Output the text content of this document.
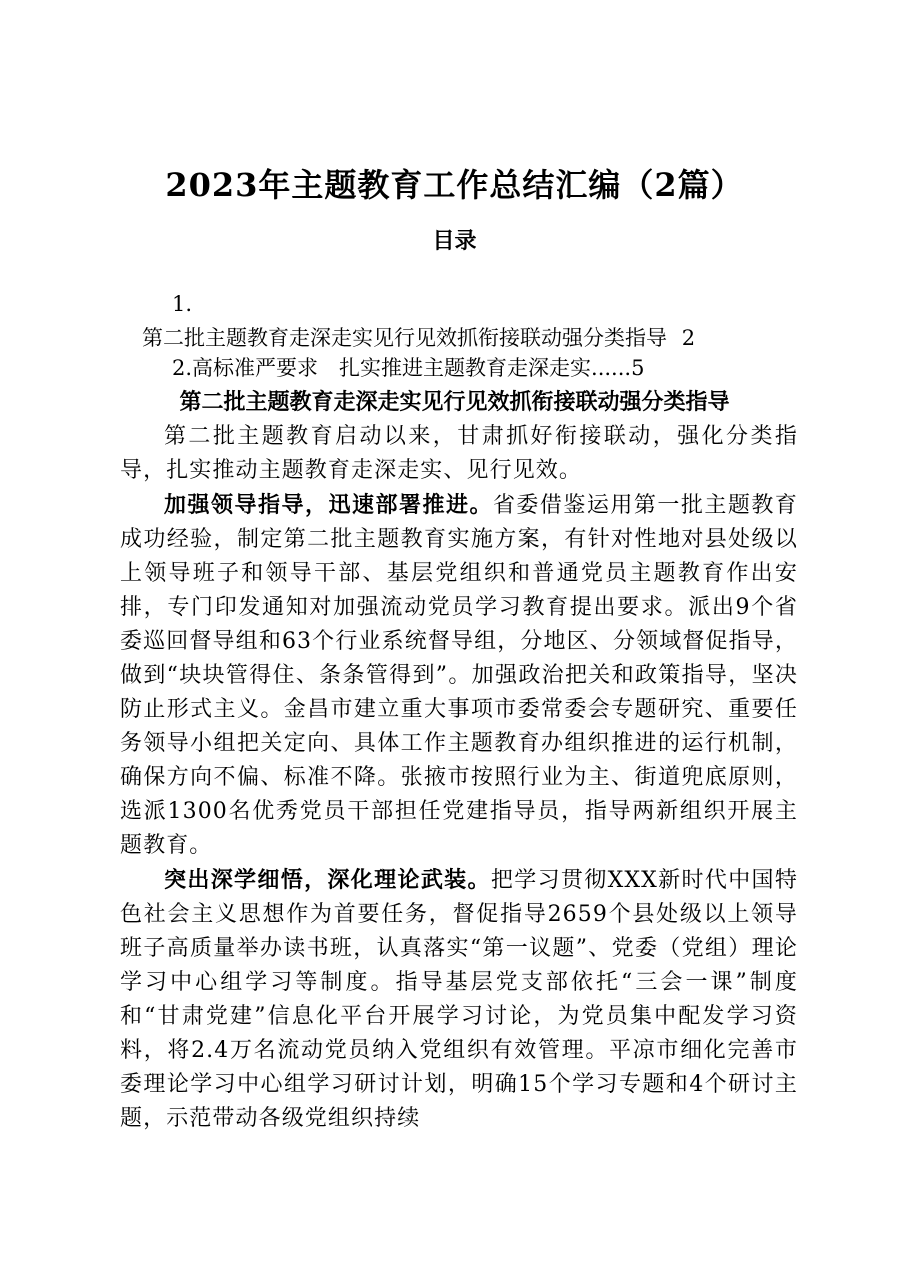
2023年主题教育工作总结汇编（2篇）
目录

1.

第二批主题教育走深走实见行见效抓衔接联动强分类指导 2

2.高标准严要求　扎实推进主题教育走深走实......5

第二批主题教育走深走实见行见效抓衔接联动强分类指导

第二批主题教育启动以来，甘肃抓好衔接联动，强化分类指导，扎实推动主题教育走深走实、见行见效。

加强领导指导，迅速部署推进。省委借鉴运用第一批主题教育成功经验，制定第二批主题教育实施方案，有针对性地对县处级以上领导班子和领导干部、基层党组织和普通党员主题教育作出安排，专门印发通知对加强流动党员学习教育提出要求。派出9个省委巡回督导组和63个行业系统督导组，分地区、分领域督促指导，做到“块块管得住、条条管得到”。加强政治把关和政策指导，坚决防止形式主义。金昌市建立重大事项市委常委会专题研究、重要任务领导小组把关定向、具体工作主题教育办组织推进的运行机制，确保方向不偏、标准不降。张掖市按照行业为主、街道兜底原则，选派1300名优秀党员干部担任党建指导员，指导两新组织开展主题教育。

突出深学细悟，深化理论武装。把学习贯彻XXX新时代中国特色社会主义思想作为首要任务，督促指导2659个县处级以上领导班子高质量举办读书班，认真落实“第一议题”、党委（党组）理论学习中心组学习等制度。指导基层党支部依托“三会一课”制度和“甘肃党建”信息化平台开展学习讨论，为党员集中配发学习资料，将2.4万名流动党员纳入党组织有效管理。平凉市细化完善市委理论学习中心组学习研讨计划，明确15个学习专题和4个研讨主题，示范带动各级党组织持续
